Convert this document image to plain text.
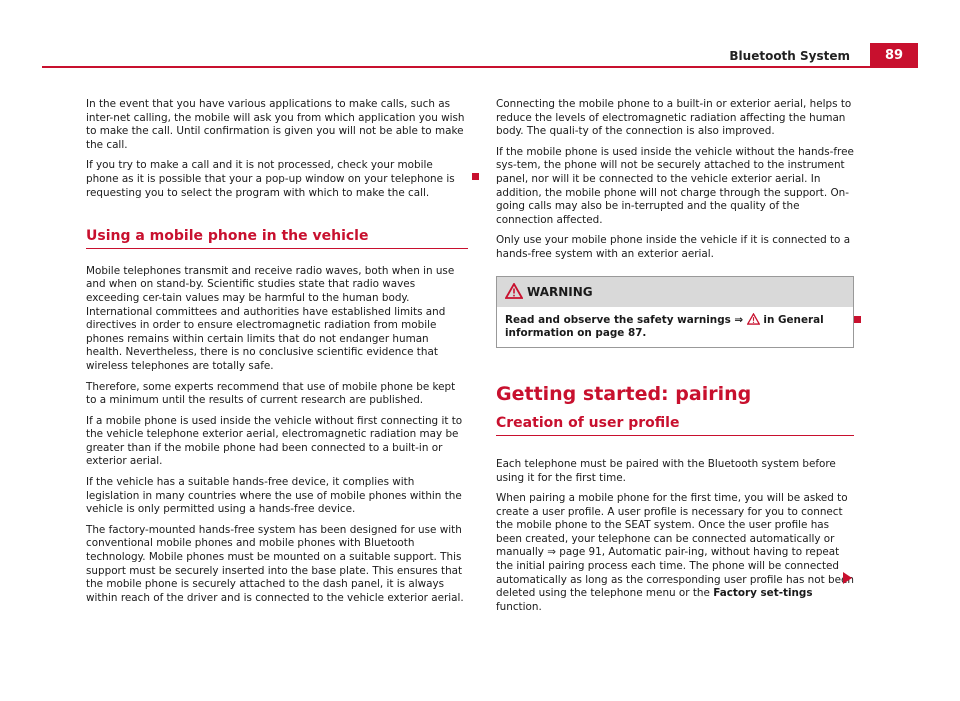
Bluetooth System	89

In the event that you have various applications to make calls, such as inter-net calling, the mobile will ask you from which application you wish to make the call. Until confirmation is given you will not be able to make the call.

If you try to make a call and it is not processed, check your mobile phone as it is possible that your a pop-up window on your telephone is requesting you to select the program with which to make the call.

Using a mobile phone in the vehicle

Mobile telephones transmit and receive radio waves, both when in use and when on stand-by. Scientific studies state that radio waves exceeding cer-tain values may be harmful to the human body. International committees and authorities have established limits and directives in order to ensure electromagnetic radiation from mobile phones remains within certain limits that do not endanger human health. Nevertheless, there is no conclusive scientific evidence that wireless telephones are totally safe.

Therefore, some experts recommend that use of mobile phone be kept to a minimum until the results of current research are published.

If a mobile phone is used inside the vehicle without first connecting it to the vehicle telephone exterior aerial, electromagnetic radiation may be greater than if the mobile phone had been connected to a built-in or exterior aerial.

If the vehicle has a suitable hands-free device, it complies with legislation in many countries where the use of mobile phones within the vehicle is only permitted using a hands-free device.

The factory-mounted hands-free system has been designed for use with conventional mobile phones and mobile phones with Bluetooth technology. Mobile phones must be mounted on a suitable support. This support must be securely inserted into the base plate. This ensures that the mobile phone is securely attached to the dash panel, it is always within reach of the driver and is connected to the vehicle exterior aerial.

Connecting the mobile phone to a built-in or exterior aerial, helps to reduce the levels of electromagnetic radiation affecting the human body. The quali-ty of the connection is also improved.

If the mobile phone is used inside the vehicle without the hands-free sys-tem, the phone will not be securely attached to the instrument panel, nor will it be connected to the vehicle exterior aerial. In addition, the mobile phone will not charge through the support. On-going calls may also be in-terrupted and the quality of the connection affected.

Only use your mobile phone inside the vehicle if it is connected to a hands-free system with an exterior aerial.

WARNING
Read and observe the safety warnings ⇒ in General information on page 87.
Getting started: pairing
Creation of user profile

Each telephone must be paired with the Bluetooth system before using it for the first time.

When pairing a mobile phone for the first time, you will be asked to create a user profile. A user profile is necessary for you to connect the mobile phone to the SEAT system. Once the user profile has been created, your telephone can be connected automatically or manually ⇒ page 91, Automatic pair-ing, without having to repeat the initial pairing process each time. The phone will be connected automatically as long as the corresponding user profile has not been deleted using the telephone menu or the Factory set-tings function.
